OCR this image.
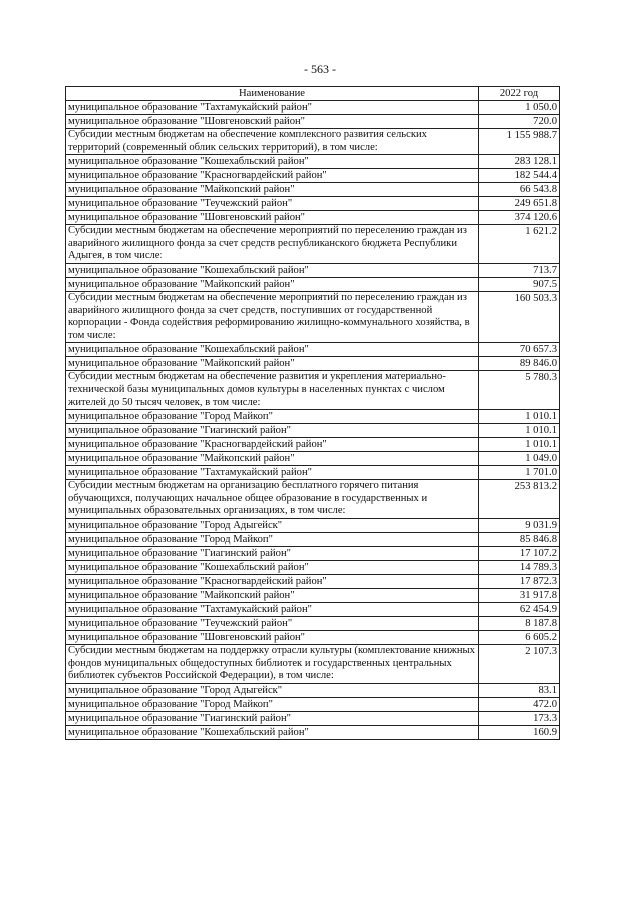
- 563 -
Наименование	2022 год
муниципальное образование "Тахтамукайский район"	1 050.0
муниципальное образование "Шовгеновский район"	720.0
Субсидии местным бюджетам на обеспечение комплексного развития сельских территорий (современный облик сельских территорий), в том числе:	1 155 988.7
муниципальное образование "Кошехабльский район"	283 128.1
муниципальное образование "Красногвардейский район"	182 544.4
муниципальное образование "Майкопский район"	66 543.8
муниципальное образование "Теучежский район"	249 651.8
муниципальное образование "Шовгеновский район"	374 120.6
Субсидии местным бюджетам на обеспечение мероприятий по переселению граждан из аварийного жилищного фонда за счет средств республиканского бюджета Республики Адыгея, в том числе:	1 621.2
муниципальное образование "Кошехабльский район"	713.7
муниципальное образование "Майкопский район"	907.5
Субсидии местным бюджетам на обеспечение мероприятий по переселению граждан из аварийного жилищного фонда за счет средств, поступивших от государственной корпорации - Фонда содействия реформированию жилищно-коммунального хозяйства, в том числе:	160 503.3
муниципальное образование "Кошехабльский район"	70 657.3
муниципальное образование "Майкопский район"	89 846.0
Субсидии местным бюджетам на обеспечение развития и укрепления материально-технической базы муниципальных домов культуры в населенных пунктах с числом жителей до 50 тысяч человек, в том числе:	5 780.3
муниципальное образование "Город Майкоп"	1 010.1
муниципальное образование "Гиагинский район"	1 010.1
муниципальное образование "Красногвардейский район"	1 010.1
муниципальное образование "Майкопский район"	1 049.0
муниципальное образование "Тахтамукайский район"	1 701.0
Субсидии местным бюджетам на организацию бесплатного горячего питания обучающихся, получающих начальное общее образование в государственных и муниципальных образовательных организациях, в том числе:	253 813.2
муниципальное образование "Город Адыгейск"	9 031.9
муниципальное образование "Город Майкоп"	85 846.8
муниципальное образование "Гиагинский район"	17 107.2
муниципальное образование "Кошехабльский район"	14 789.3
муниципальное образование "Красногвардейский район"	17 872.3
муниципальное образование "Майкопский район"	31 917.8
муниципальное образование "Тахтамукайский район"	62 454.9
муниципальное образование "Теучежский район"	8 187.8
муниципальное образование "Шовгеновский район"	6 605.2
Субсидии местным бюджетам на поддержку отрасли культуры (комплектование книжных фондов муниципальных общедоступных библиотек и государственных центральных библиотек субъектов Российской Федерации), в том числе:	2 107.3
муниципальное образование "Город Адыгейск"	83.1
муниципальное образование "Город Майкоп"	472.0
муниципальное образование "Гиагинский район"	173.3
муниципальное образование "Кошехабльский район"	160.9
